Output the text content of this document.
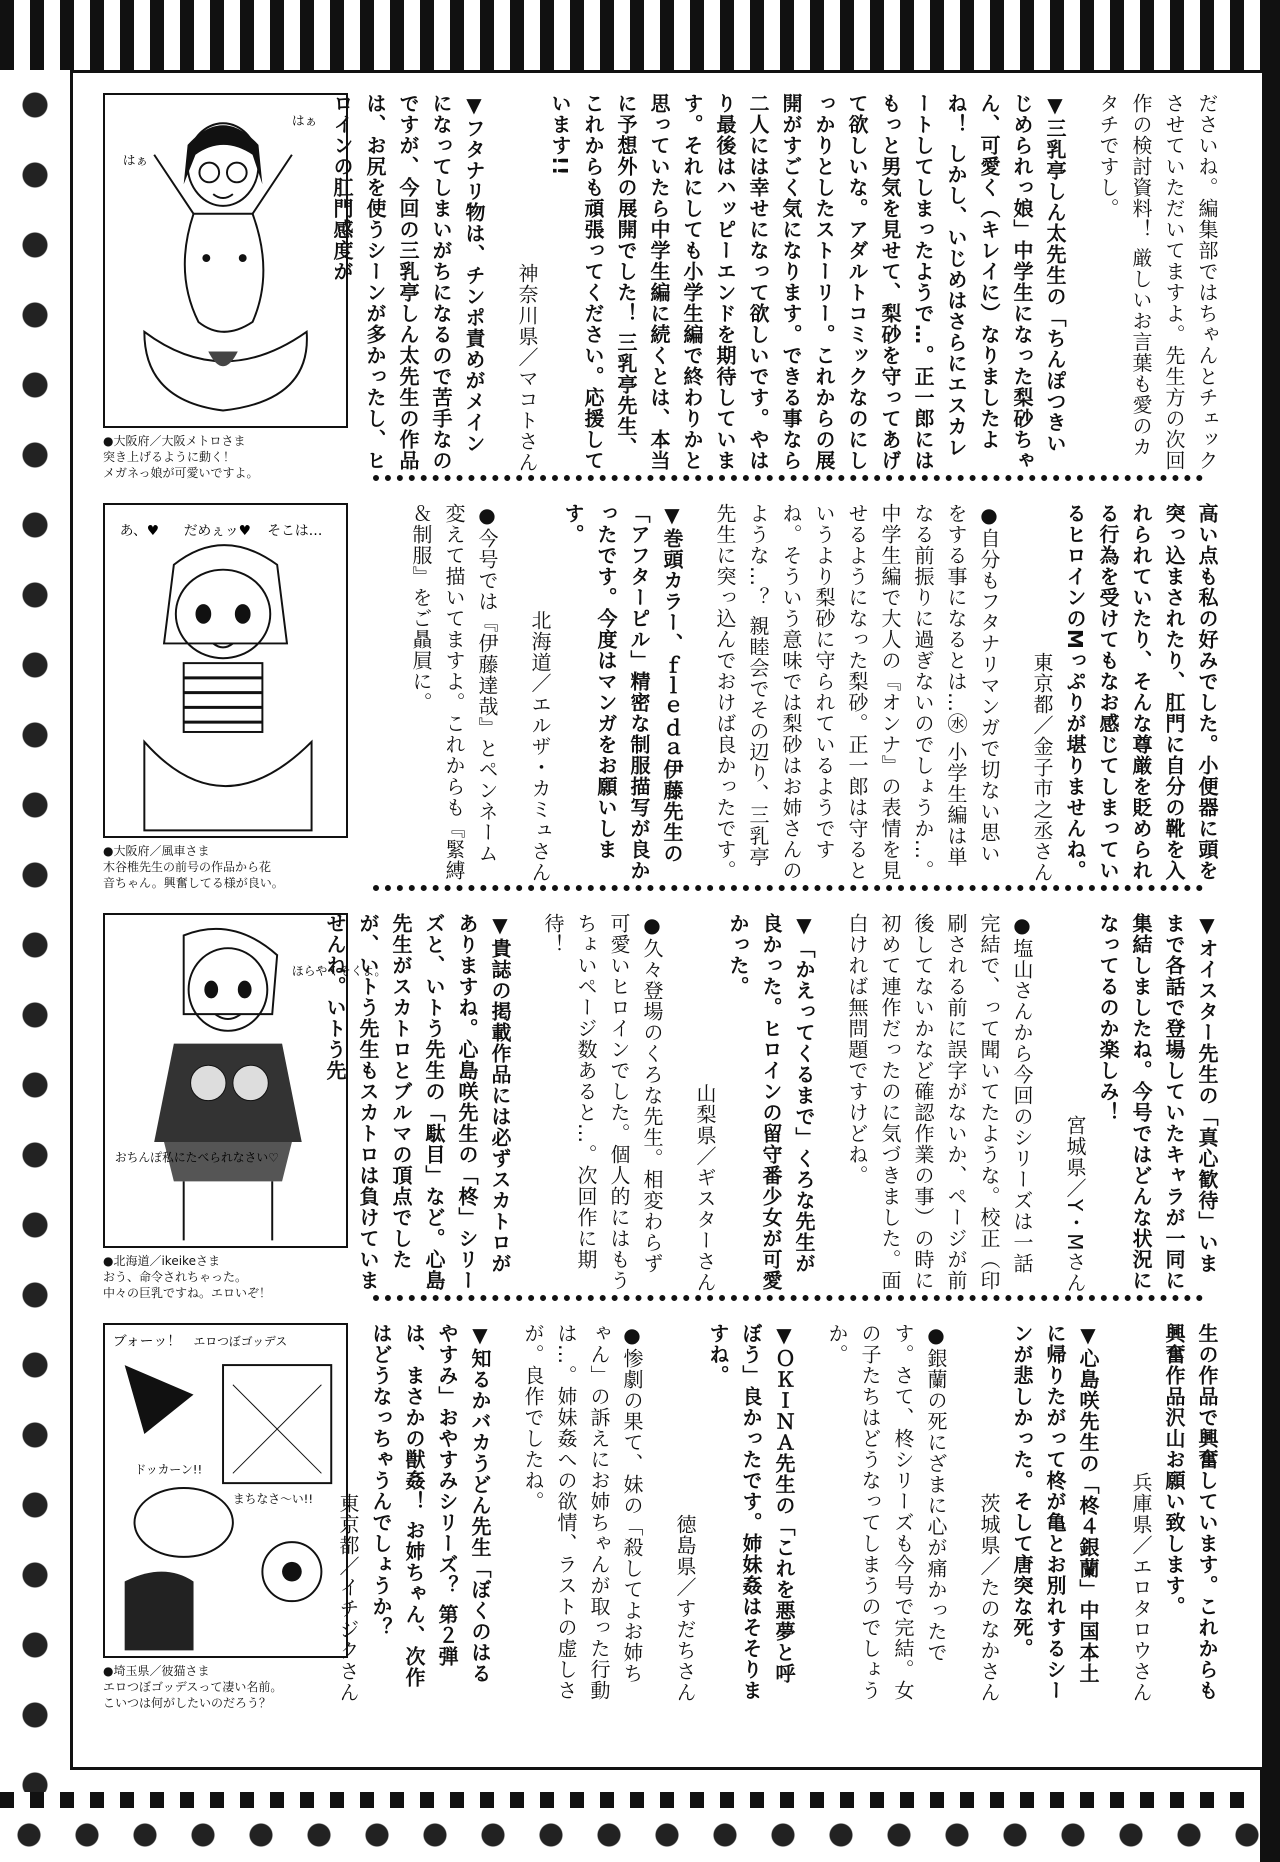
はぁ
はぁ
●大阪府／大阪メトロさま
突き上げるように動く！
メガネっ娘が可愛いですよ。

ださいね。編集部ではちゃんとチェックさせていただいてますよ。先生方の次回作の検討資料！ 厳しいお言葉も愛のカタチですし。

▼三乳亭しん太先生の「ちんぽつきいじめられっ娘」中学生になった梨砂ちゃん、可愛く（キレイに）なりましたよね！ しかし、いじめはさらにエスカレートしてしまったようで…。正一郎にはもっと男気を見せて、梨砂を守ってあげて欲しいな。アダルトコミックなのにしっかりとしたストーリー。これからの展開がすごく気になります。できる事なら二人には幸せになって欲しいです。やはり最後はハッピーエンドを期待しています。それにしても小学生編で終わりかと思っていたら中学生編に続くとは、本当に予想外の展開でした！ 三乳亭先生、これからも頑張ってください。応援しています!!
神奈川県／マコトさん

▼フタナリ物は、チンポ責めがメインになってしまいがちになるので苦手なのですが、今回の三乳亭しん太先生の作品は、お尻を使うシーンが多かったし、ヒロインの肛門感度が

あ、♥ だめぇッ♥ そこは…
●大阪府／風車さま
木谷椎先生の前号の作品から花
音ちゃん。興奮してる様が良い。

高い点も私の好みでした。小便器に頭を突っ込まされたり、肛門に自分の靴を入れられていたり、そんな尊厳を貶められる行為を受けてもなお感じてしまっているヒロインのMっぷりが堪りませんね。
東京都／金子市之丞さん

●自分もフタナリマンガで切ない思いをする事になるとは…㊌ 小学生編は単なる前振りに過ぎないのでしょうか…。中学生編で大人の『オンナ』の表情を見せるようになった梨砂。正一郎は守るというより梨砂に守られているようですね。そういう意味では梨砂はお姉さんのような…？ 親睦会でその辺り、三乳亭先生に突っ込んでおけば良かったです。

▼巻頭カラー、ｆｌｅｄａ伊藤先生の「アフターピル」精密な制服描写が良かったです。今度はマンガをお願いします。
北海道／エルザ・カミュさん

●今号では『伊藤達哉』とペンネーム変えて描いてますよ。これからも『緊縛＆制服』をご贔屓に。

ほらやくそくよ。
おちんぽ私にたべられなさい♡
●北海道／ikeikeさま
おう、命令されちゃった。
中々の巨乳ですね。エロいぞ！

▼オイスター先生の「真心歓待」いままで各話で登場していたキャラが一同に集結しましたね。今号ではどんな状況になってるのか楽しみ！
宮城県／Y・Mさん

●塩山さんから今回のシリーズは一話完結で、って聞いてたような。校正（印刷される前に誤字がないか、ページが前後してないかなど確認作業の事）の時に初めて連作だったのに気づきました。面白ければ無問題ですけどね。

▼「かえってくるまで」くろな先生が良かった。ヒロインの留守番少女が可愛かった。
山梨県／ギスターさん

●久々登場のくろな先生。相変わらず可愛いヒロインでした。個人的にはもうちょいページ数あると…。次回作に期待！

▼貴誌の掲載作品には必ずスカトロがありますね。心島咲先生の「柊」シリーズと、いトう先生の「駄目」など。心島先生がスカトロとブルマの頂点でしたが、いトう先生もスカトロは負けていませんね。いトう先

ブォーッ！ エロつぼゴッデス
ドッカーン!!
まちなさ〜い!!
●埼玉県／彼猫さま
エロつぼゴッデスって凄い名前。
こいつは何がしたいのだろう？

生の作品で興奮しています。これからも興奮作品沢山お願い致します。
兵庫県／エロタロウさん

▼心島咲先生の「柊４銀蘭」中国本土に帰りたがって柊が亀とお別れするシーンが悲しかった。そして唐突な死。
茨城県／たのなかさん

●銀蘭の死にざまに心が痛かったです。さて、柊シリーズも今号で完結。女の子たちはどうなってしまうのでしょうか。

▼ＯＫＩＮＡ先生の「これを悪夢と呼ぼう」良かったです。姉妹姦はそそりますね。
徳島県／すだちさん

●惨劇の果て、妹の「殺してよお姉ちゃん」の訴えにお姉ちゃんが取った行動は…。姉妹姦への欲情、ラストの虚しさが。良作でしたね。

▼知るかバカうどん先生「ぼくのはるやすみ」おやすみシリーズ？ 第２弾は、まさかの獣姦！ お姉ちゃん、次作はどうなっちゃうんでしょうか？
東京都／イチジクさん
